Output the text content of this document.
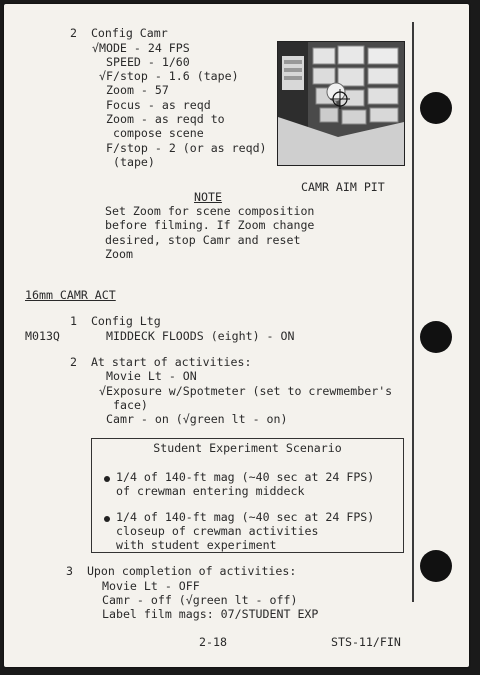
2  Config Camr
√MODE - 24 FPS
SPEED - 1/60
√F/stop - 1.6 (tape)
Zoom - 57
Focus - as reqd
Zoom - as reqd to
compose scene
F/stop - 2 (or as reqd)
(tape)
CAMR AIM PIT
NOTE
Set Zoom for scene composition
before filming. If Zoom change
desired, stop Camr and reset
Zoom
16mm CAMR ACT
1  Config Ltg
M013Q	MIDDECK FLOODS (eight) - ON
2  At start of activities:
Movie Lt - ON
√Exposure w/Spotmeter (set to crewmember's
face)
Camr - on (√green lt - on)
Student Experiment Scenario
1/4 of 140-ft mag (~40 sec at 24 FPS)
of crewman entering middeck
1/4 of 140-ft mag (~40 sec at 24 FPS)
closeup of crewman activities
with student experiment
3  Upon completion of activities:
Movie Lt - OFF
Camr - off (√green lt - off)
Label film mags: 07/STUDENT EXP
2-18	STS-11/FIN
